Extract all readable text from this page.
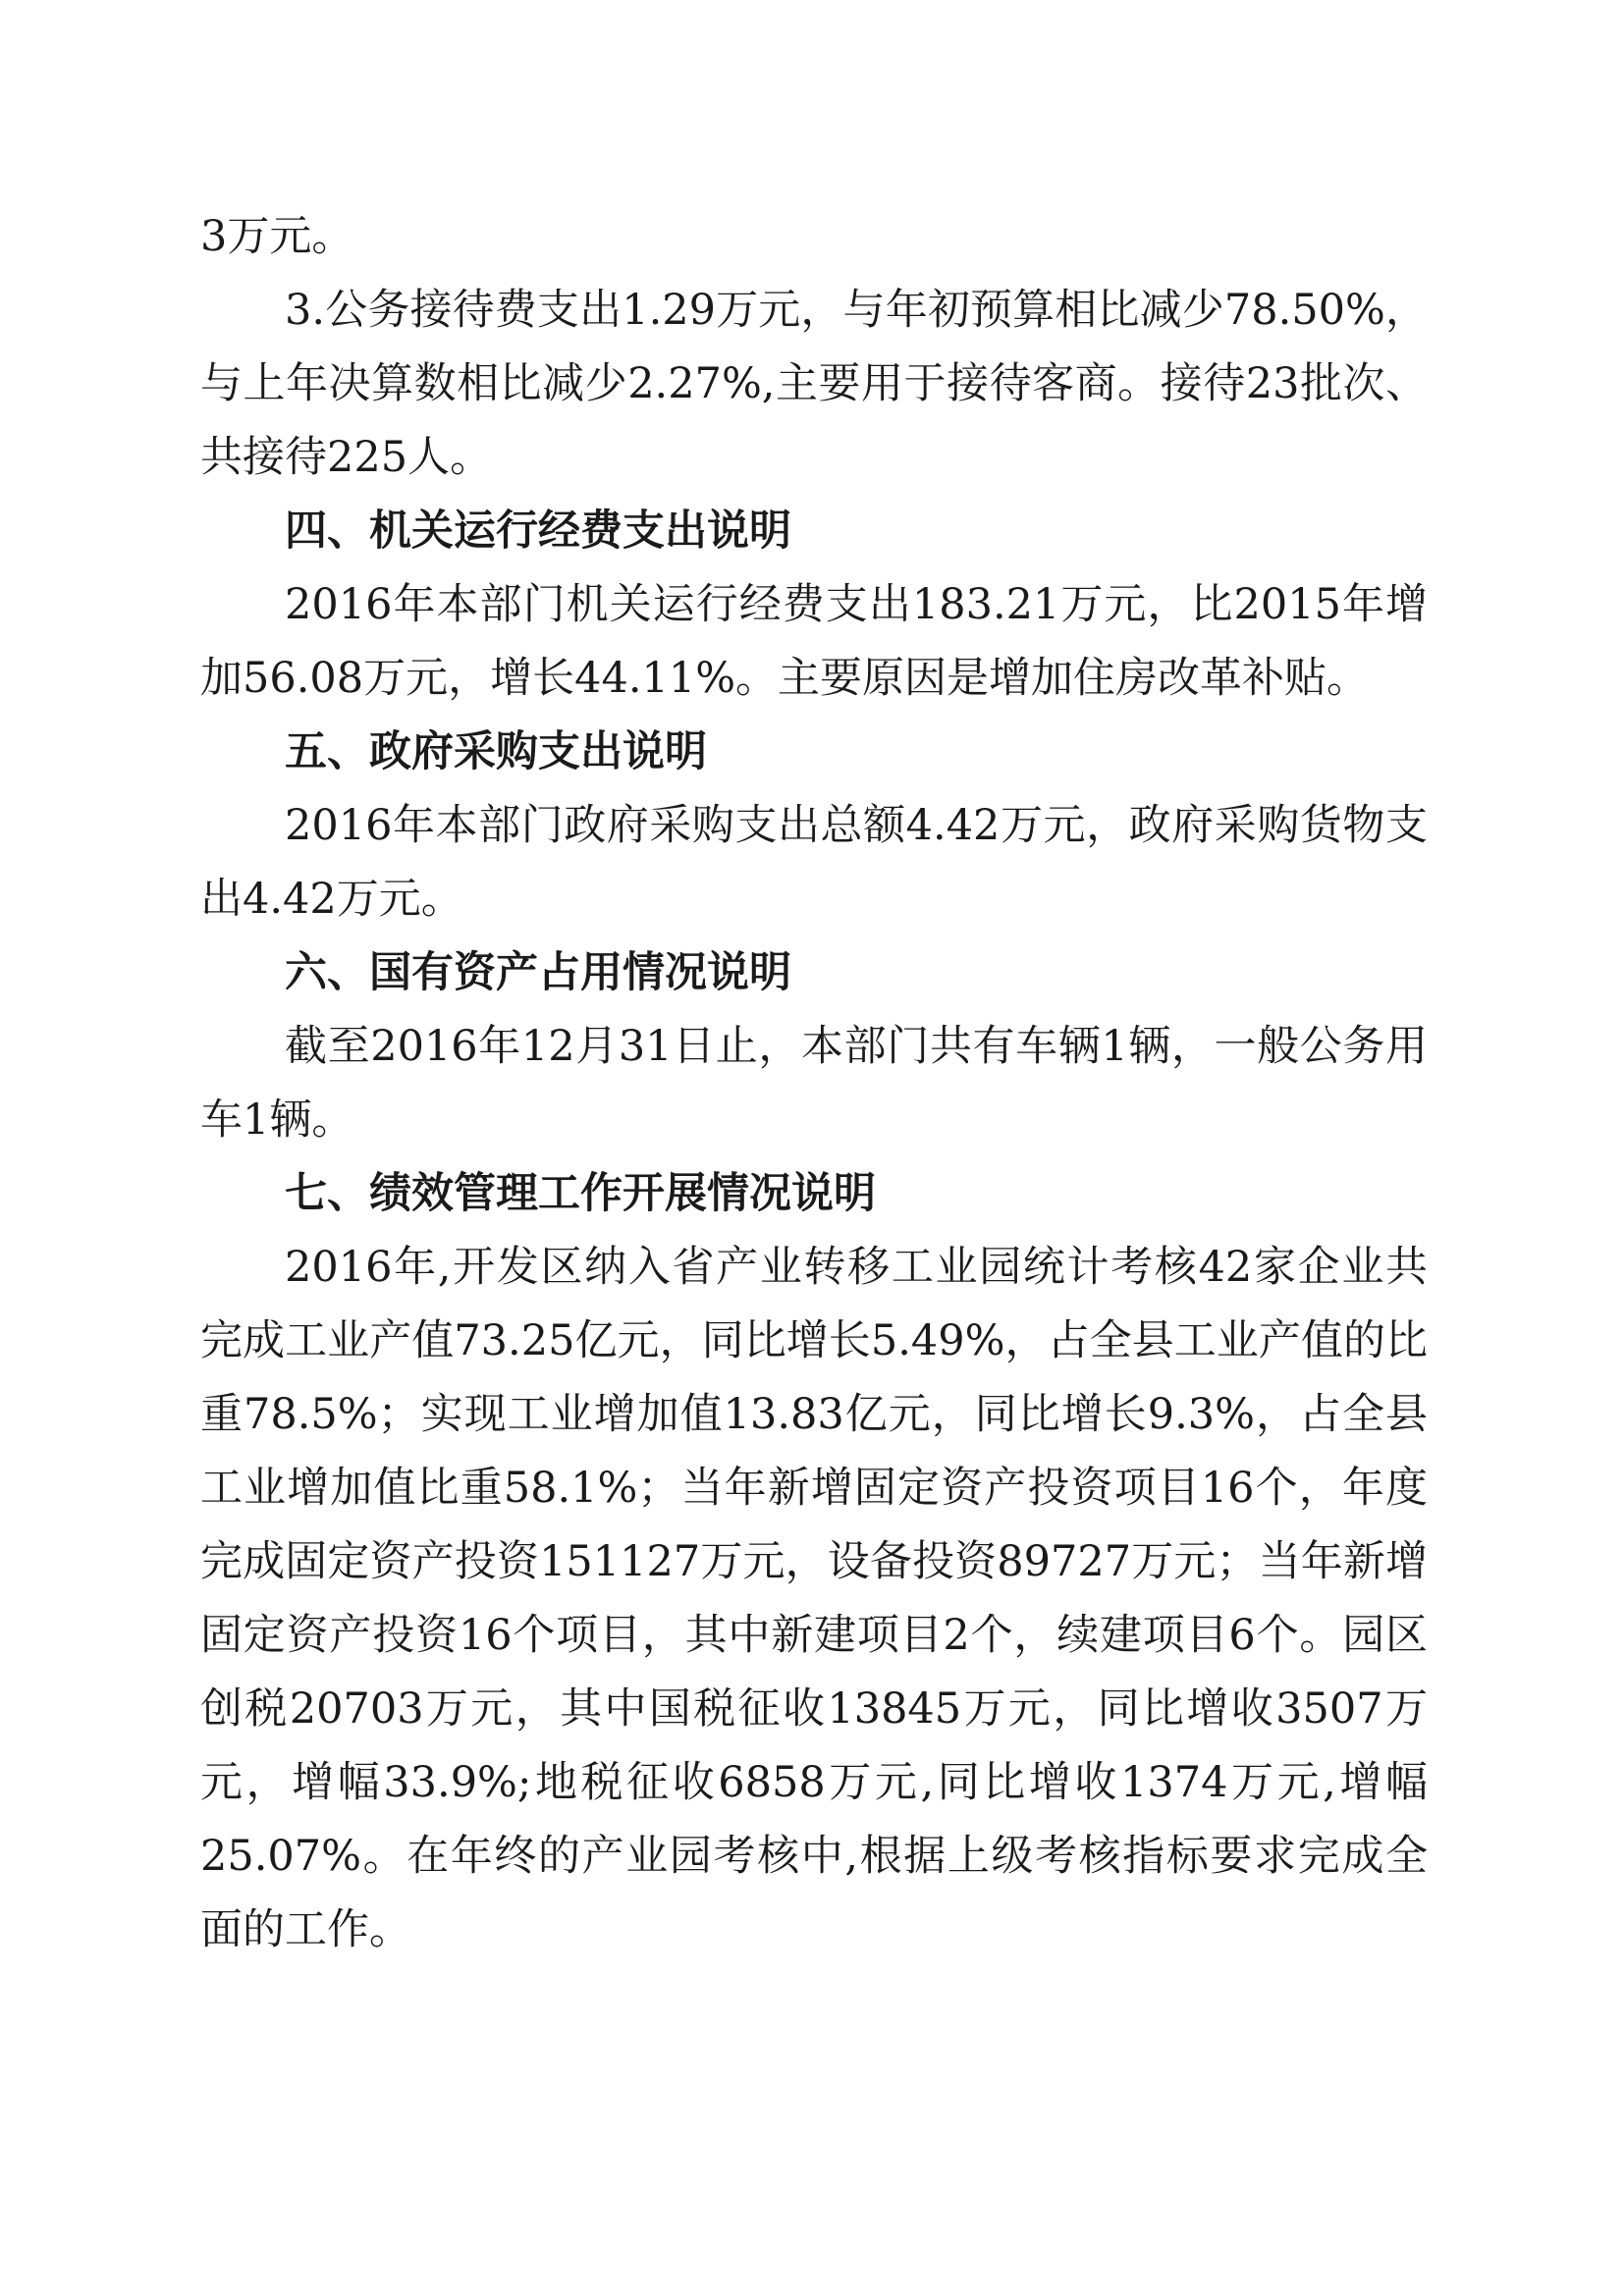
3万元。

3.公务接待费支出1.29万元，与年初预算相比减少78.50%，与上年决算数相比减少2.27%,主要用于接待客商。接待23批次、共接待225人。

四、机关运行经费支出说明

2016年本部门机关运行经费支出183.21万元，比2015年增加56.08万元，增长44.11%。主要原因是增加住房改革补贴。

五、政府采购支出说明

2016年本部门政府采购支出总额4.42万元，政府采购货物支出4.42万元。

六、国有资产占用情况说明

截至2016年12月31日止，本部门共有车辆1辆，一般公务用车1辆。

七、绩效管理工作开展情况说明

2016年,开发区纳入省产业转移工业园统计考核42家企业共完成工业产值73.25亿元，同比增长5.49%，占全县工业产值的比重78.5%；实现工业增加值13.83亿元，同比增长9.3%，占全县工业增加值比重58.1%；当年新增固定资产投资项目16个，年度完成固定资产投资151127万元，设备投资89727万元；当年新增固定资产投资16个项目，其中新建项目2个，续建项目6个。园区创税20703万元，其中国税征收13845万元，同比增收3507万元，增幅33.9%;地税征收6858万元,同比增收1374万元,增幅25.07%。在年终的产业园考核中,根据上级考核指标要求完成全面的工作。
